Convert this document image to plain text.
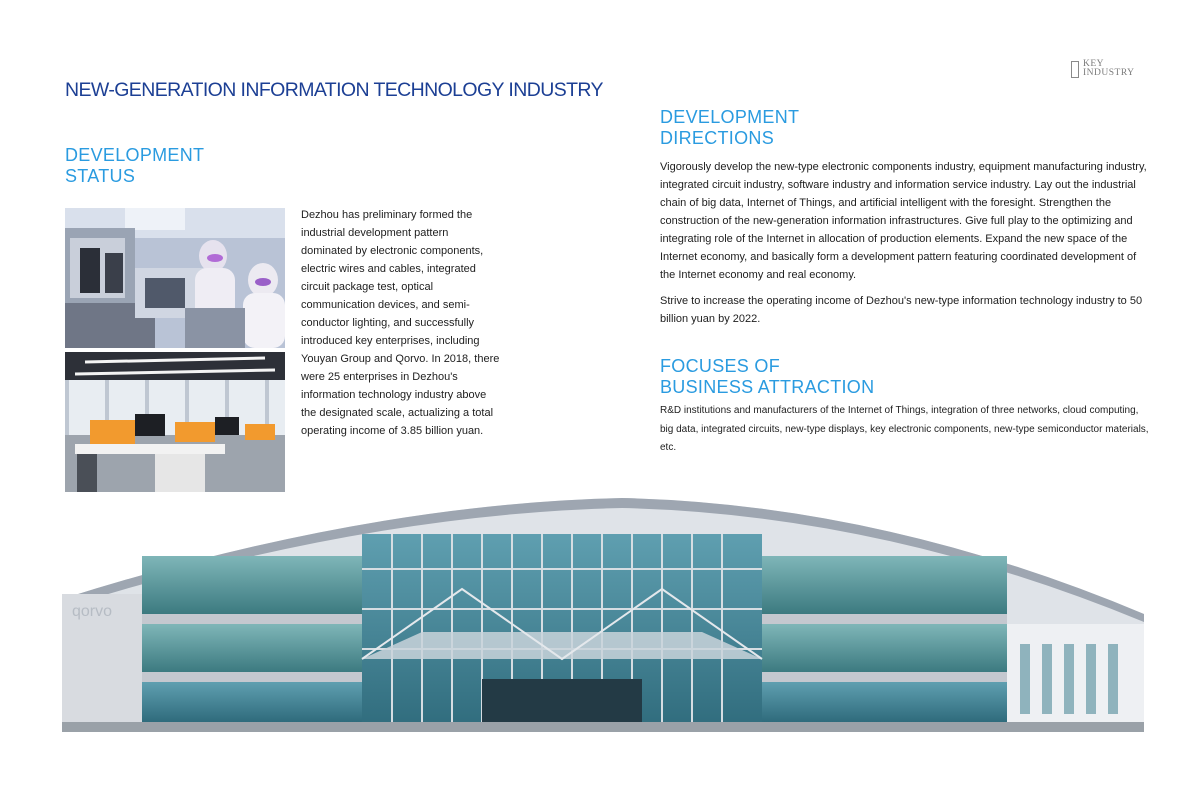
NEW-GENERATION INFORMATION TECHNOLOGY INDUSTRY
KEY
INDUSTRY
DEVELOPMENT
STATUS
Dezhou has preliminary formed the industrial development pattern dominated by electronic components, electric wires and cables, integrated circuit package test, optical communication devices, and semi-conductor lighting, and successfully introduced key enterprises, including Youyan Group and Qorvo. In 2018, there were 25 enterprises in Dezhou's information technology industry above the designated scale, actualizing a total operating income of 3.85 billion yuan.
DEVELOPMENT
DIRECTIONS

Vigorously develop the new-type electronic components industry, equipment manufacturing industry, integrated circuit industry, software industry and information service industry. Lay out the industrial chain of big data, Internet of Things, and artificial intelligent with the foresight. Strengthen the construction of the new-generation information infrastructures. Give full play to the optimizing and integrating role of the Internet in allocation of production elements. Expand the new space of the Internet economy, and basically form a development pattern featuring coordinated development of the Internet economy and real economy.

Strive to increase the operating income of Dezhou's new-type information technology industry to 50 billion yuan by 2022.

FOCUSES OF
BUSINESS ATTRACTION
R&D institutions and manufacturers of the Internet of Things, integration of three networks, cloud computing, big data, integrated circuits, new-type displays, key electronic components, new-type semiconductor materials, etc.
qorvo
